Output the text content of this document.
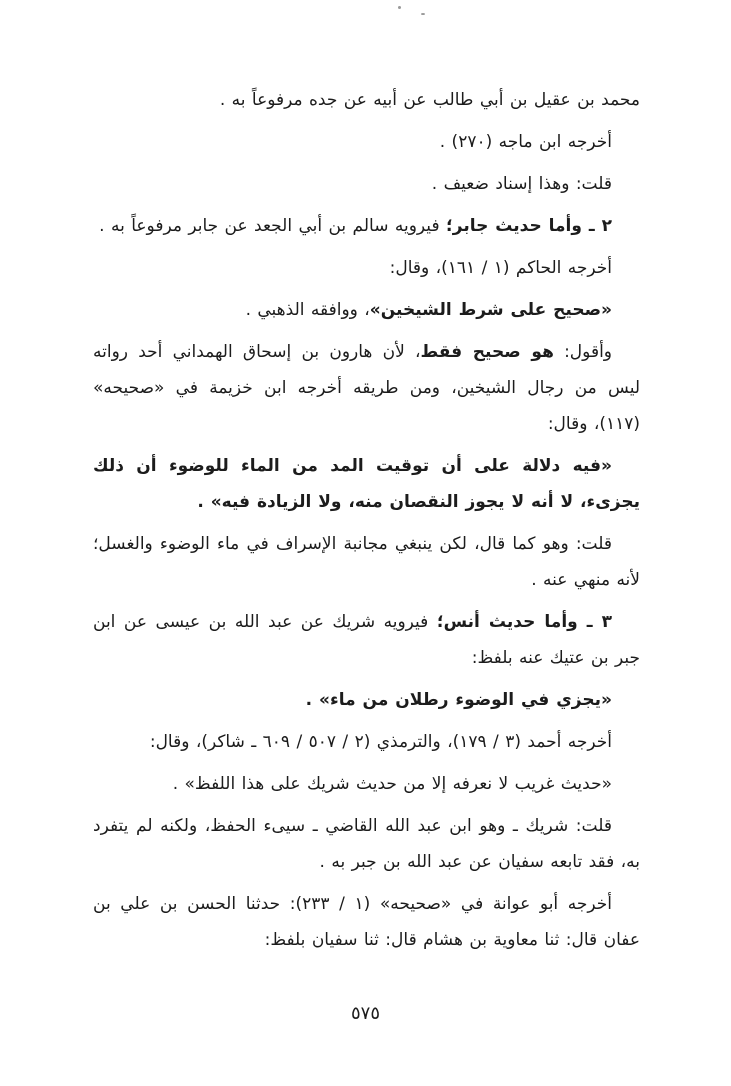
محمد بن عقيل بن أبي طالب عن أبيه عن جده مرفوعاً به .

أخرجه ابن ماجه (٢٧٠) .

قلت: وهذا إسناد ضعيف .

٢ ـ وأما حديث جابر؛ فيرويه سالم بن أبي الجعد عن جابر مرفوعاً به .

أخرجه الحاكم (١ / ١٦١)، وقال:

«صحيح على شرط الشيخين»، ووافقه الذهبي .

وأقول: هو صحيح فقط، لأن هارون بن إسحاق الهمداني أحد رواته ليس من رجال الشيخين، ومن طريقه أخرجه ابن خزيمة في «صحيحه» (١١٧)، وقال:

«فيه دلالة على أن توقيت المد من الماء للوضوء أن ذلك يجزىء، لا أنه لا يجوز النقصان منه، ولا الزيادة فيه» .

قلت: وهو كما قال، لكن ينبغي مجانبة الإسراف في ماء الوضوء والغسل؛ لأنه منهي عنه .

٣ ـ وأما حديث أنس؛ فيرويه شريك عن عبد الله بن عيسى عن ابن جبر بن عتيك عنه بلفظ:

«يجزي في الوضوء رطلان من ماء» .

أخرجه أحمد (٣ / ١٧٩)، والترمذي (٢ / ٥٠٧ / ٦٠٩ ـ شاكر)، وقال:

«حديث غريب لا نعرفه إلا من حديث شريك على هذا اللفظ» .

قلت: شريك ـ وهو ابن عبد الله القاضي ـ سيىء الحفظ، ولكنه لم يتفرد به، فقد تابعه سفيان عن عبد الله بن جبر به .

أخرجه أبو عوانة في «صحيحه» (١ / ٢٣٣): حدثنا الحسن بن علي بن عفان قال: ثنا معاوية بن هشام قال: ثنا سفيان بلفظ:

٥٧٥
